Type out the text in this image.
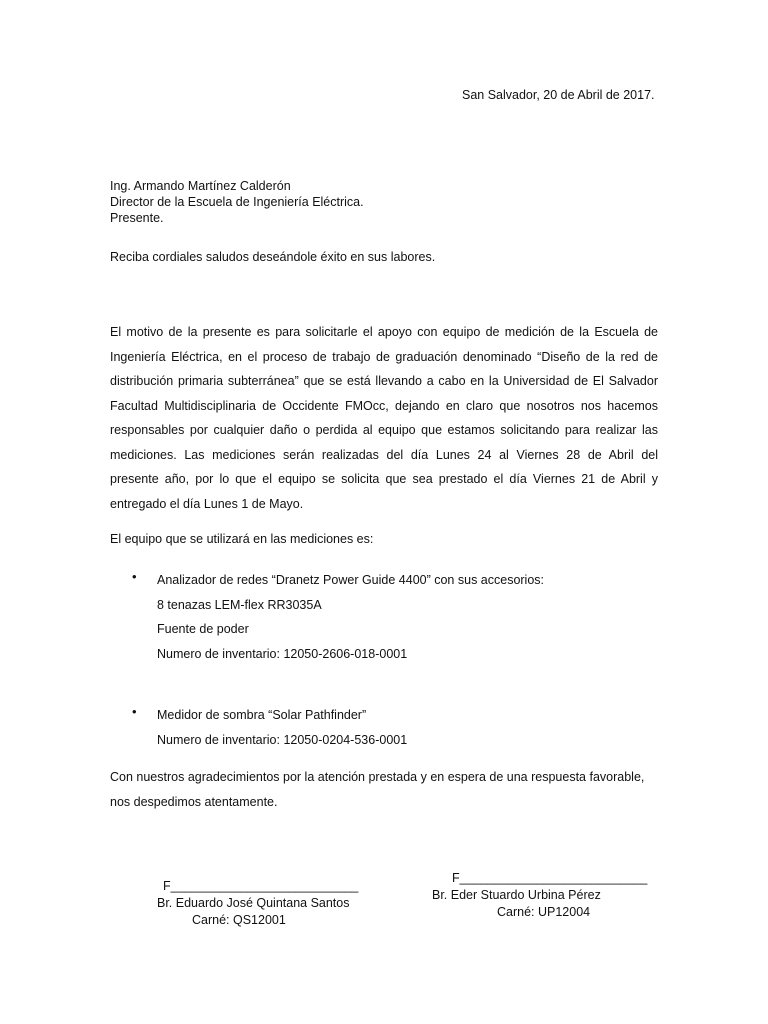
San Salvador, 20 de Abril de 2017.
Ing. Armando Martínez Calderón
Director de la Escuela de Ingeniería Eléctrica.
Presente.
Reciba cordiales saludos deseándole éxito en sus labores.
El motivo de la presente es para solicitarle el apoyo con equipo de medición de la Escuela de
Ingeniería Eléctrica, en el proceso de trabajo de graduación denominado “Diseño de la red de
distribución primaria subterránea” que se está llevando a cabo en la Universidad de El Salvador
Facultad Multidisciplinaria de Occidente FMOcc, dejando en claro que nosotros nos hacemos
responsables por cualquier daño o perdida al equipo que estamos solicitando para realizar las
mediciones. Las mediciones serán realizadas del día Lunes 24 al Viernes 28 de Abril del
presente año, por lo que el equipo se solicita que sea prestado el día Viernes 21 de Abril y
entregado el día Lunes 1 de Mayo.
El equipo que se utilizará en las mediciones es:
• Analizador de redes “Dranetz Power Guide 4400” con sus accesorios:
8 tenazas LEM-flex RR3035A
Fuente de poder
Numero de inventario: 12050-2606-018-0001
• Medidor de sombra “Solar Pathfinder”
Numero de inventario: 12050-0204-536-0001
Con nuestros agradecimientos por la atención prestada y en espera de una respuesta favorable,
nos despedimos atentamente.
F___________________________
Br. Eduardo José Quintana Santos
Carné: QS12001
F___________________________
Br. Eder Stuardo Urbina Pérez
Carné: UP12004
